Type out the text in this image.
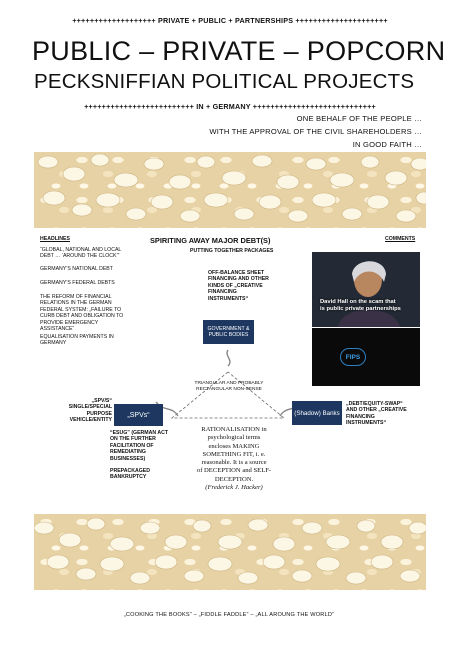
+++++++++++++++++++ PRIVATE + PUBLIC + PARTNERSHIPS +++++++++++++++++++++
PUBLIC – PRIVATE – POPCORN
PECKSNIFFIAN POLITICAL PROJECTS
+++++++++++++++++++++++++ IN + GERMANY ++++++++++++++++++++++++++++
ONE BEHALF OF THE PEOPLE …
WITH THE APPROVAL OF THE CIVIL SHAREHOLDERS …
IN GOOD FAITH …
HEADLINES	SPIRITING AWAY MAJOR DEBT(S)	COMMENTS
PUTTING TOGETHER PACKAGES
“GLOBAL, NATIONAL AND LOCAL DEBT … ‘AROUND THE CLOCK’”
GERMANY’S NATIONAL DEBT
GERMANY’S FEDERAL DEBTS
THE REFORM OF FINANCIAL RELATIONS IN THE GERMAN FEDERAL SYSTEM: „FAILURE TO CURB DEBT AND OBLIGATION TO PROVIDE EMERGENCY ASSISTANCE“
EQUALISATION PAYMENTS IN GERMANY
OFF-BALANCE SHEET FINANCING AND OTHER KINDS OF „CREATIVE FINANCING INSTRUMENTS“
GOVERNMENT & PUBLIC BODIES
TRIANGULAR AND PROBABLY RECTANGULAR NON-SENSE
„SPVs“	(Shadow) Banks
„SPV/S“ SINGLE/SPECIAL PURPOSE VEHICLE/ENTITY
“ESUG” (GERMAN ACT ON THE FURTHER FACILITATION OF REMEDIATING BUSINESSES)
PREPACKAGED BANKRUPTCY
„DEBT/EQUITY-SWAP“ AND OTHER „CREATIVE FINANCING INSTRUMENTS“
RATIONALISATION in
psychological terms
encloses MAKING
SOMETHING FIT, i. e.
reasonable. It is a source
of DECEPTION and SELF-
DECEPTION.
(Frederick J. Hacker)
David Hall on the scam that
is public private partnerships
FIPS
„COOKING THE BOOKS“ – „FIDDLE FADDLE“ – „ALL AROUNG THE WORLD“
